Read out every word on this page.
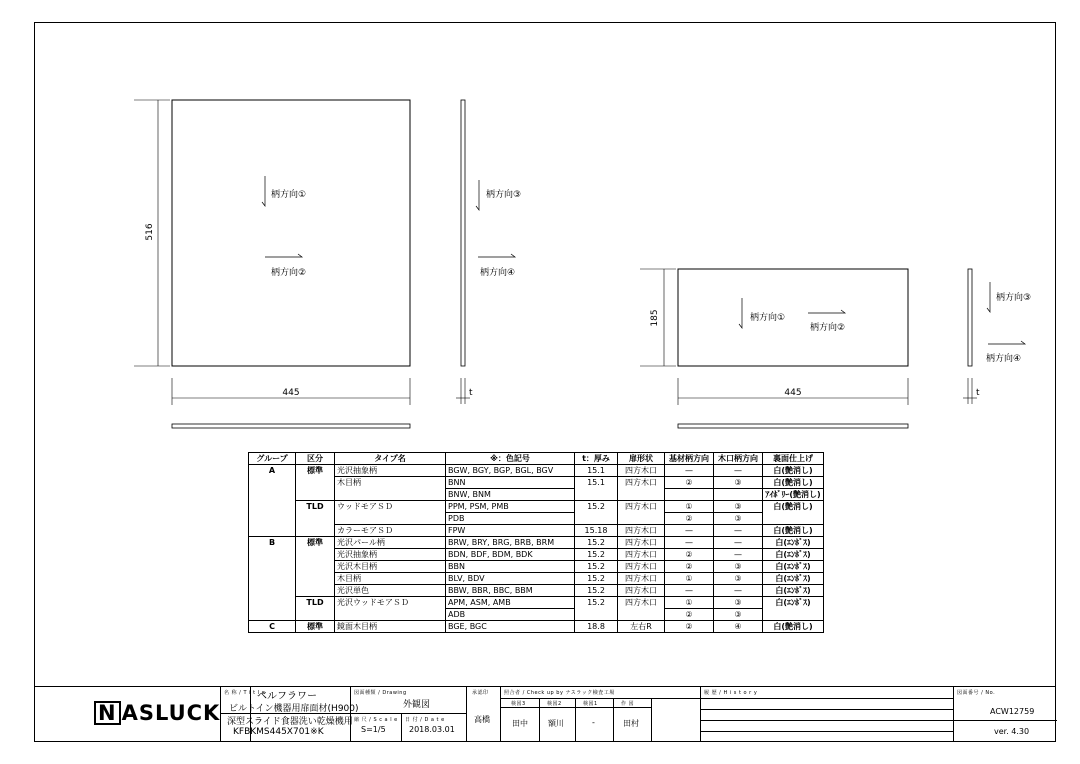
516
445
柄方向①
柄方向②
t
柄方向③
柄方向④
185
445
柄方向①
柄方向②
t
柄方向③
柄方向④
グループ	区分	タイプ名	※：色記号	t：厚み	扉形状	基材柄方向	木口柄方向	裏面仕上げ
A	標準	光沢抽象柄	BGW, BGY, BGP, BGL, BGV	15.1	四方木口	—	—	白(艶消し)
		木目柄	BNN	15.1	四方木口	②	③	白(艶消し)
			BNW, BNM					ｱｲﾎﾞﾘｰ(艶消し)
	TLD	ウッドモアＳＤ	PPM, PSM, PMB	15.2	四方木口	①	③	白(艶消し)
			PDB			②	③	
		カラーモアＳＤ	FPW	15.18	四方木口	—	—	白(艶消し)
B	標準	光沢パール柄	BRW, BRY, BRG, BRB, BRM	15.2	四方木口	—	—	白(ｴﾝﾎﾞｽ)
		光沢抽象柄	BDN, BDF, BDM, BDK	15.2	四方木口	②	—	白(ｴﾝﾎﾞｽ)
		光沢木目柄	BBN	15.2	四方木口	②	③	白(ｴﾝﾎﾞｽ)
		木目柄	BLV, BDV	15.2	四方木口	①	③	白(ｴﾝﾎﾞｽ)
		光沢単色	BBW, BBR, BBC, BBM	15.2	四方木口	—	—	白(ｴﾝﾎﾞｽ)
	TLD	光沢ウッドモアＳＤ	APM, ASM, AMB	15.2	四方木口	①	③	白(ｴﾝﾎﾞｽ)
			ADB			②	③	
C	標準	鏡面木目柄	BGE, BGC	18.8	左右R	②	④	白(艶消し)
N ASLUCK
名 称 / T i t l e
ベルフラワー
ビルトイン機器用扉面材(H900)
深型スライド食器洗い乾燥機用
KFBKMS445X701※K
図面種類 / Drawing
外観図
縮 尺 / S c a l e
S=1/5
日 付 / D a t e
2018.03.01
承認印
高橋
照合者 / Check up by ナスラック檢査工場
検図3	検図2	検図1	作 図
田中	額川	-	田村
履 歴 / H i s t o r y	図面番号 / No.
ACW12759
ver. 4.30
